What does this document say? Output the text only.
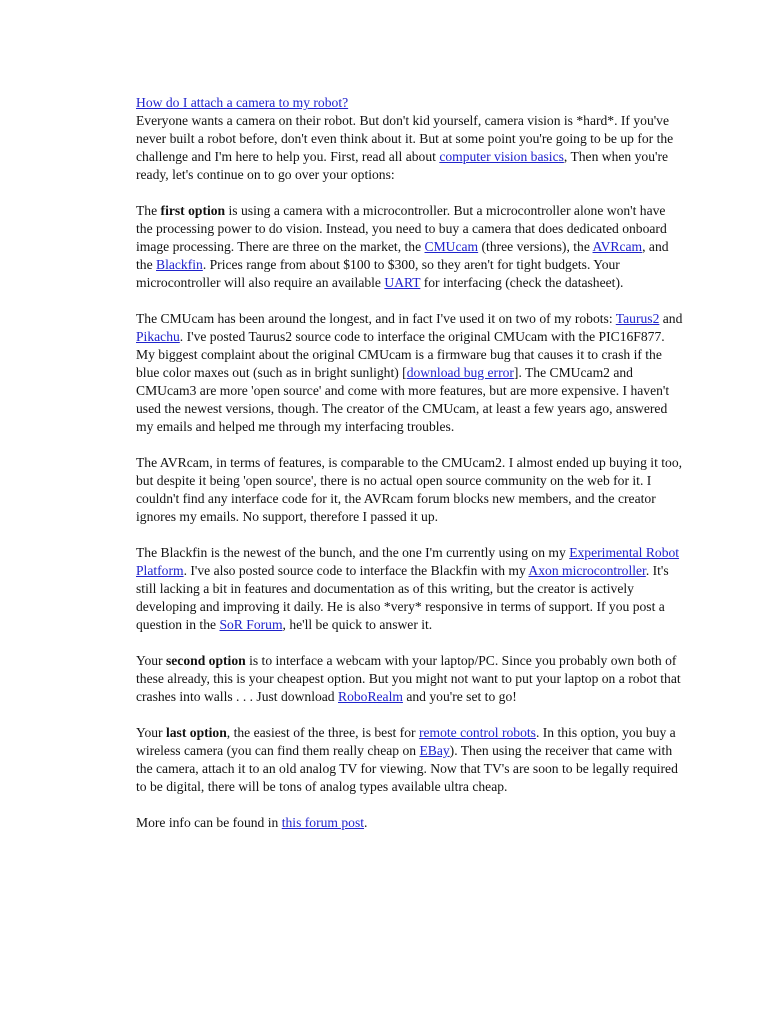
How do I attach a camera to my robot?
Everyone wants a camera on their robot. But don't kid yourself, camera vision is *hard*. If you've never built a robot before, don't even think about it. But at some point you're going to be up for the challenge and I'm here to help you. First, read all about computer vision basics, Then when you're ready, let's continue on to go over your options:

The first option is using a camera with a microcontroller. But a microcontroller alone won't have the processing power to do vision. Instead, you need to buy a camera that does dedicated onboard image processing. There are three on the market, the CMUcam (three versions), the AVRcam, and the Blackfin. Prices range from about $100 to $300, so they aren't for tight budgets. Your microcontroller will also require an available UART for interfacing (check the datasheet).

The CMUcam has been around the longest, and in fact I've used it on two of my robots: Taurus2 and Pikachu. I've posted Taurus2 source code to interface the original CMUcam with the PIC16F877. My biggest complaint about the original CMUcam is a firmware bug that causes it to crash if the blue color maxes out (such as in bright sunlight) [download bug error]. The CMUcam2 and CMUcam3 are more 'open source' and come with more features, but are more expensive. I haven't used the newest versions, though. The creator of the CMUcam, at least a few years ago, answered my emails and helped me through my interfacing troubles.

The AVRcam, in terms of features, is comparable to the CMUcam2. I almost ended up buying it too, but despite it being 'open source', there is no actual open source community on the web for it. I couldn't find any interface code for it, the AVRcam forum blocks new members, and the creator ignores my emails. No support, therefore I passed it up.

The Blackfin is the newest of the bunch, and the one I'm currently using on my Experimental Robot Platform. I've also posted source code to interface the Blackfin with my Axon microcontroller. It's still lacking a bit in features and documentation as of this writing, but the creator is actively developing and improving it daily. He is also *very* responsive in terms of support. If you post a question in the SoR Forum, he'll be quick to answer it.

Your second option is to interface a webcam with your laptop/PC. Since you probably own both of these already, this is your cheapest option. But you might not want to put your laptop on a robot that crashes into walls . . . Just download RoboRealm and you're set to go!

Your last option, the easiest of the three, is best for remote control robots. In this option, you buy a wireless camera (you can find them really cheap on EBay). Then using the receiver that came with the camera, attach it to an old analog TV for viewing. Now that TV's are soon to be legally required to be digital, there will be tons of analog types available ultra cheap.

More info can be found in this forum post.
